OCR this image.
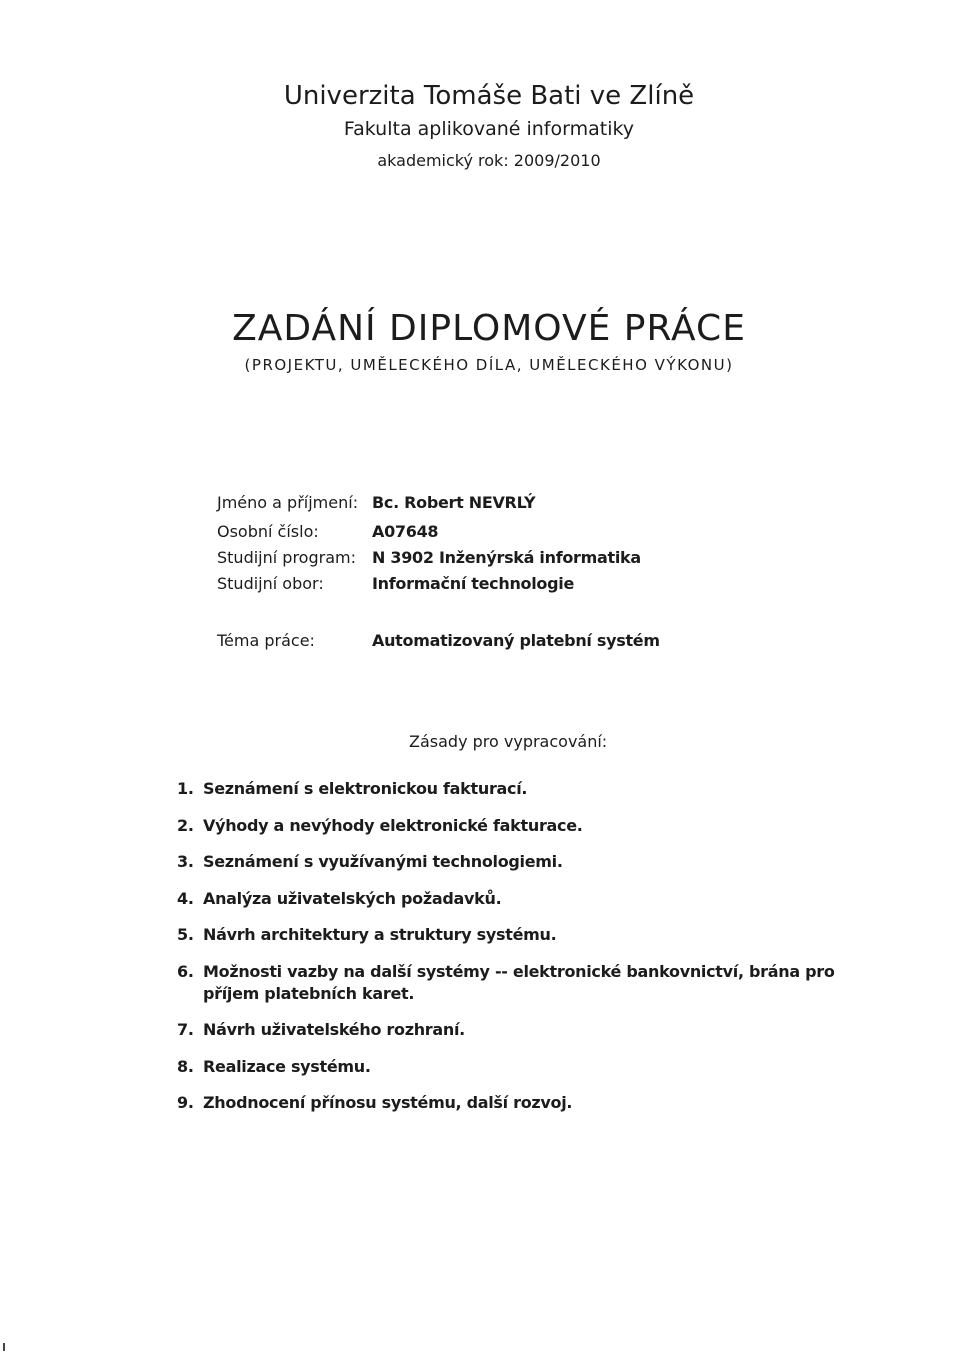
Univerzita Tomáše Bati ve Zlíně
Fakulta aplikované informatiky
akademický rok: 2009/2010
ZADÁNÍ DIPLOMOVÉ PRÁCE
(PROJEKTU, UMĚLECKÉHO DÍLA, UMĚLECKÉHO VÝKONU)
Jméno a příjmení: Bc. Robert NEVRLÝ
Osobní číslo:	A07648
Studijní program:	N 3902 Inženýrská informatika
Studijní obor:	Informační technologie
Téma práce:	Automatizovaný platební systém
Zásady pro vypracování:
1. Seznámení s elektronickou fakturací.
2. Výhody a nevýhody elektronické fakturace.
3. Seznámení s využívanými technologiemi.
4. Analýza uživatelských požadavků.
5. Návrh architektury a struktury systému.
6. Možnosti vazby na další systémy -- elektronické bankovnictví, brána pro příjem platebních karet.
7. Návrh uživatelského rozhraní.
8. Realizace systému.
9. Zhodnocení přínosu systému, další rozvoj.
